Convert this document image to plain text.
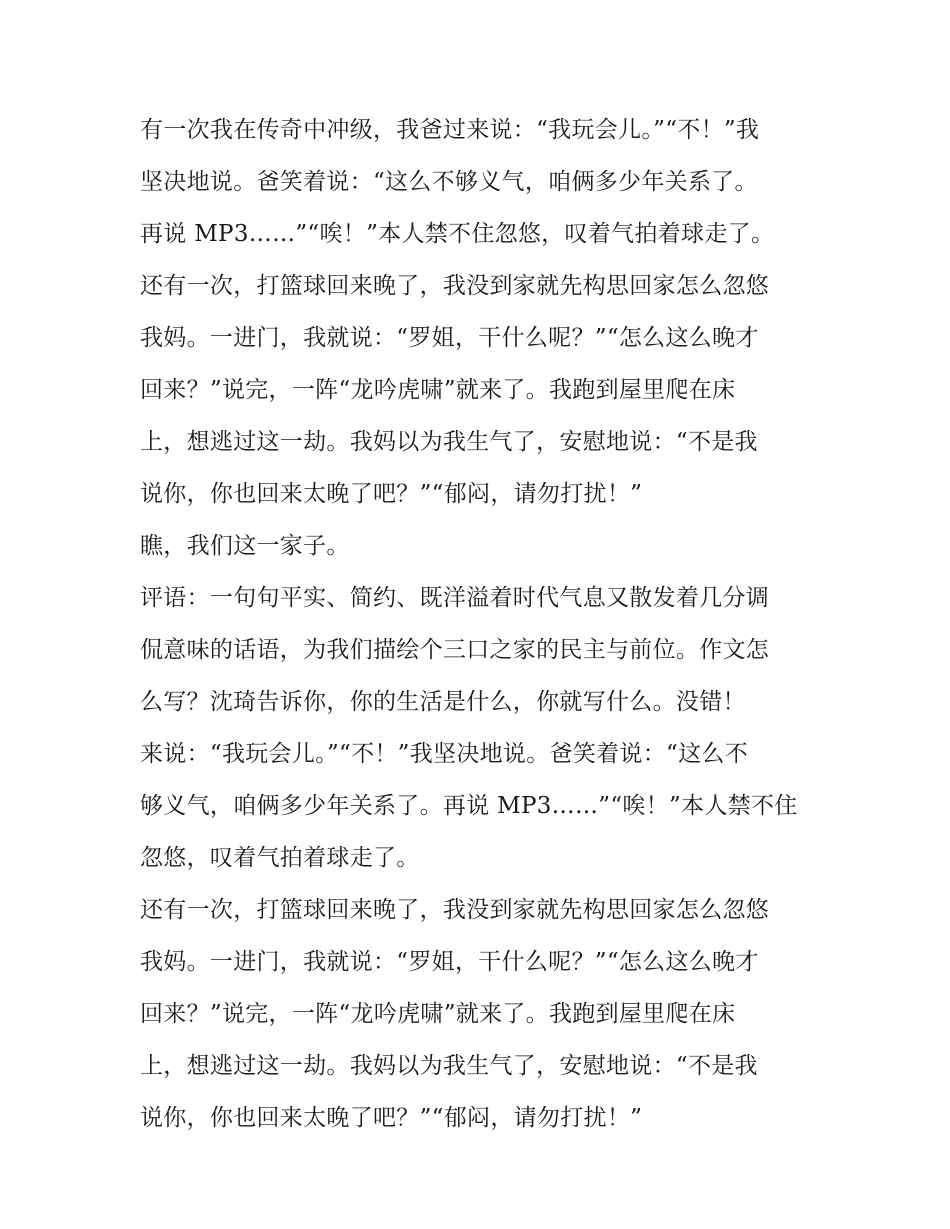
有一次我在传奇中冲级，我爸过来说：“我玩会儿。”“不！”我
坚决地说。爸笑着说：“这么不够义气，咱俩多少年关系了。
再说 MP3……”“唉！”本人禁不住忽悠，叹着气拍着球走了。
还有一次，打篮球回来晚了，我没到家就先构思回家怎么忽悠
我妈。一进门，我就说：“罗姐，干什么呢？”“怎么这么晚才
回来？”说完，一阵“龙吟虎啸”就来了。我跑到屋里爬在床
上，想逃过这一劫。我妈以为我生气了，安慰地说：“不是我
说你，你也回来太晚了吧？”“郁闷，请勿打扰！”
瞧，我们这一家子。
评语：一句句平实、简约、既洋溢着时代气息又散发着几分调
侃意味的话语，为我们描绘个三口之家的民主与前位。作文怎
么写？沈琦告诉你，你的生活是什么，你就写什么。没错！
来说：“我玩会儿。”“不！”我坚决地说。爸笑着说：“这么不
够义气，咱俩多少年关系了。再说 MP3……”“唉！”本人禁不住
忽悠，叹着气拍着球走了。
还有一次，打篮球回来晚了，我没到家就先构思回家怎么忽悠
我妈。一进门，我就说：“罗姐，干什么呢？”“怎么这么晚才
回来？”说完，一阵“龙吟虎啸”就来了。我跑到屋里爬在床
上，想逃过这一劫。我妈以为我生气了，安慰地说：“不是我
说你，你也回来太晚了吧？”“郁闷，请勿打扰！”
